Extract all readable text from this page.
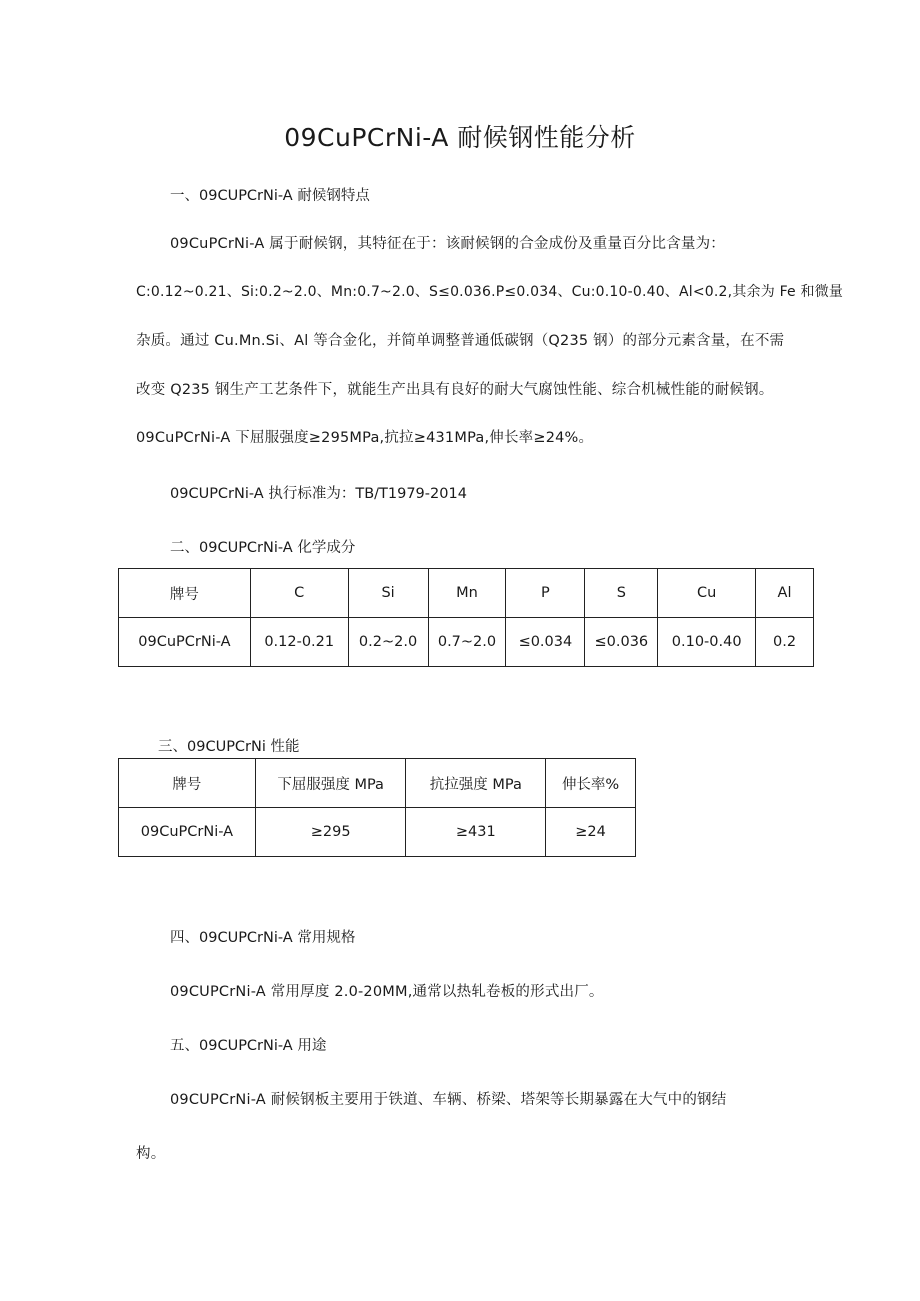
09CuPCrNi-A 耐候钢性能分析

一、09CUPCrNi-A 耐候钢特点

09CuPCrNi-A 属于耐候钢，其特征在于：该耐候钢的合金成份及重量百分比含量为：

C:0.12~0.21、Si:0.2~2.0、Mn:0.7~2.0、S≤0.036.P≤0.034、Cu:0.10-0.40、Al<0.2,其余为 Fe 和微量

杂质。通过 Cu.Mn.Si、Al 等合金化，并简单调整普通低碳钢（Q235 钢）的部分元素含量，在不需

改变 Q235 钢生产工艺条件下，就能生产出具有良好的耐大气腐蚀性能、综合机械性能的耐候钢。

09CuPCrNi-A 下屈服强度≥295MPa,抗拉≥431MPa,伸长率≥24%。

09CUPCrNi-A 执行标准为：TB/T1979-2014

二、09CUPCrNi-A 化学成分

牌号	C	Si	Mn	P	S	Cu	Al
09CuPCrNi-A	0.12-0.21	0.2~2.0	0.7~2.0	≤0.034	≤0.036	0.10-0.40	0.2

三、09CUPCrNi 性能

牌号	下屈服强度 MPa	抗拉强度 MPa	伸长率%
09CuPCrNi-A	≥295	≥431	≥24

四、09CUPCrNi-A 常用规格

09CUPCrNi-A 常用厚度 2.0-20MM,通常以热轧卷板的形式出厂。

五、09CUPCrNi-A 用途

09CUPCrNi-A 耐候钢板主要用于铁道、车辆、桥梁、塔架等长期暴露在大气中的钢结

构。
